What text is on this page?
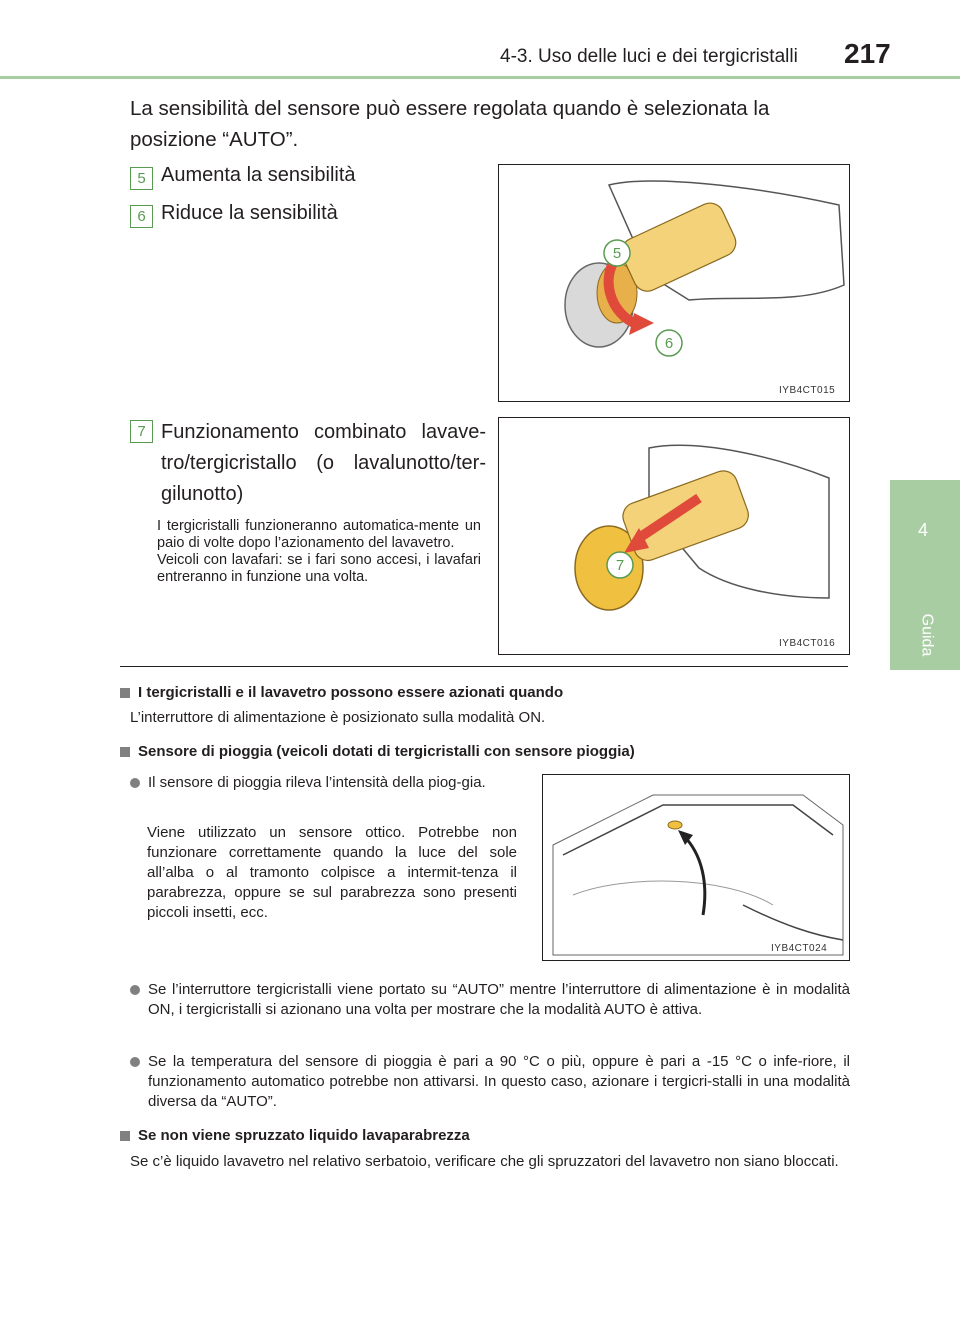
4-3. Uso delle luci e dei tergicristalli 217
4
Guida
La sensibilità del sensore può essere regolata quando è selezionata la posizione “AUTO”.
5 Aumenta la sensibilità
6 Riduce la sensibilità
5
6
IYB4CT015
7 Funzionamento combinato lavave-tro/tergicristallo (o lavalunotto/ter-gilunotto)
I tergicristalli funzioneranno automatica-mente un paio di volte dopo l’azionamento del lavavetro.
Veicoli con lavafari: se i fari sono accesi, i lavafari entreranno in funzione una volta.
7
IYB4CT016
I tergicristalli e il lavavetro possono essere azionati quando
L’interruttore di alimentazione è posizionato sulla modalità ON.
Sensore di pioggia (veicoli dotati di tergicristalli con sensore pioggia)
Il sensore di pioggia rileva l’intensità della piog-gia.
Viene utilizzato un sensore ottico. Potrebbe non funzionare correttamente quando la luce del sole all’alba o al tramonto colpisce a intermit-tenza il parabrezza, oppure se sul parabrezza sono presenti piccoli insetti, ecc.
IYB4CT024
Se l’interruttore tergicristalli viene portato su “AUTO” mentre l’interruttore di alimentazione è in modalità ON, i tergicristalli si azionano una volta per mostrare che la modalità AUTO è attiva.
Se la temperatura del sensore di pioggia è pari a 90 °C o più, oppure è pari a -15 °C o infe-riore, il funzionamento automatico potrebbe non attivarsi. In questo caso, azionare i tergicri-stalli in una modalità diversa da “AUTO”.
Se non viene spruzzato liquido lavaparabrezza
Se c’è liquido lavavetro nel relativo serbatoio, verificare che gli spruzzatori del lavavetro non siano bloccati.
